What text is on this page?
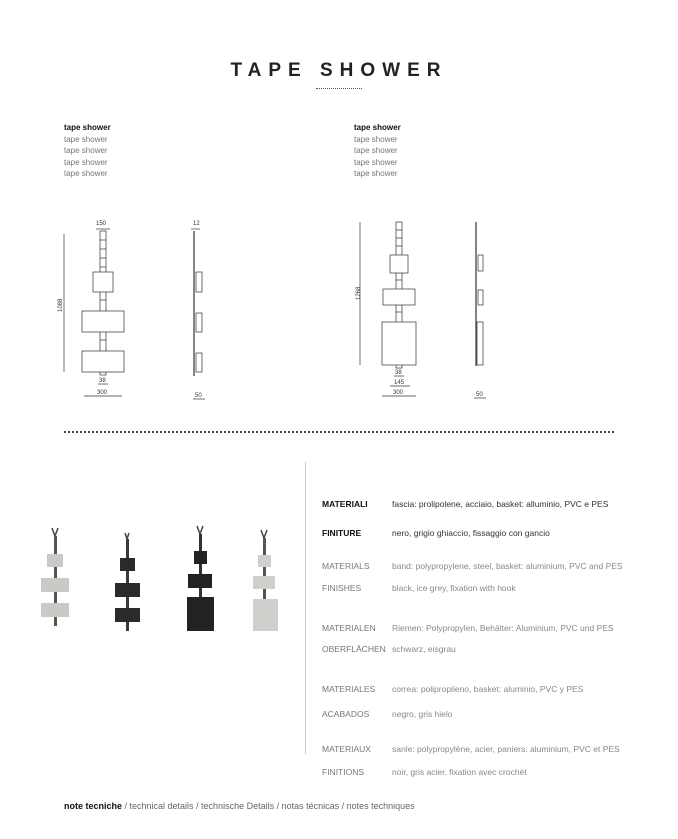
TAPE SHOWER
tape shower
tape shower
tape shower
tape shower
tape shower
tape shower
tape shower
tape shower
tape shower
tape shower
150
1088
38
300
12
50
1268
38
145
300	50
MATERIALI	fascia: prolipolene, acciaio, basket: alluminio, PVC e PES
FINITURE	nero, grigio ghiaccio, fissaggio con gancio
MATERIALS	band: polypropylene, steel, basket: aluminium, PVC and PES
FINISHES	black, ice grey, fixation with hook
MATERIALEN Riemen: Polypropylen, Behälter: Aluminium, PVC und PES
OBERFLÄCHEN schwarz, eisgrau
MATERIALES correa: polipropileno, basket: aluminio, PVC y PES
ACABADOS	negro, gris hielo
MATERIAUX sanle: polypropylène, acier, paniers: aluminium, PVC et PES
FINITIONS	noir, gris acier. fixation avec crochèt
note tecniche / technical details / technische Details / notas técnicas / notes techniques
